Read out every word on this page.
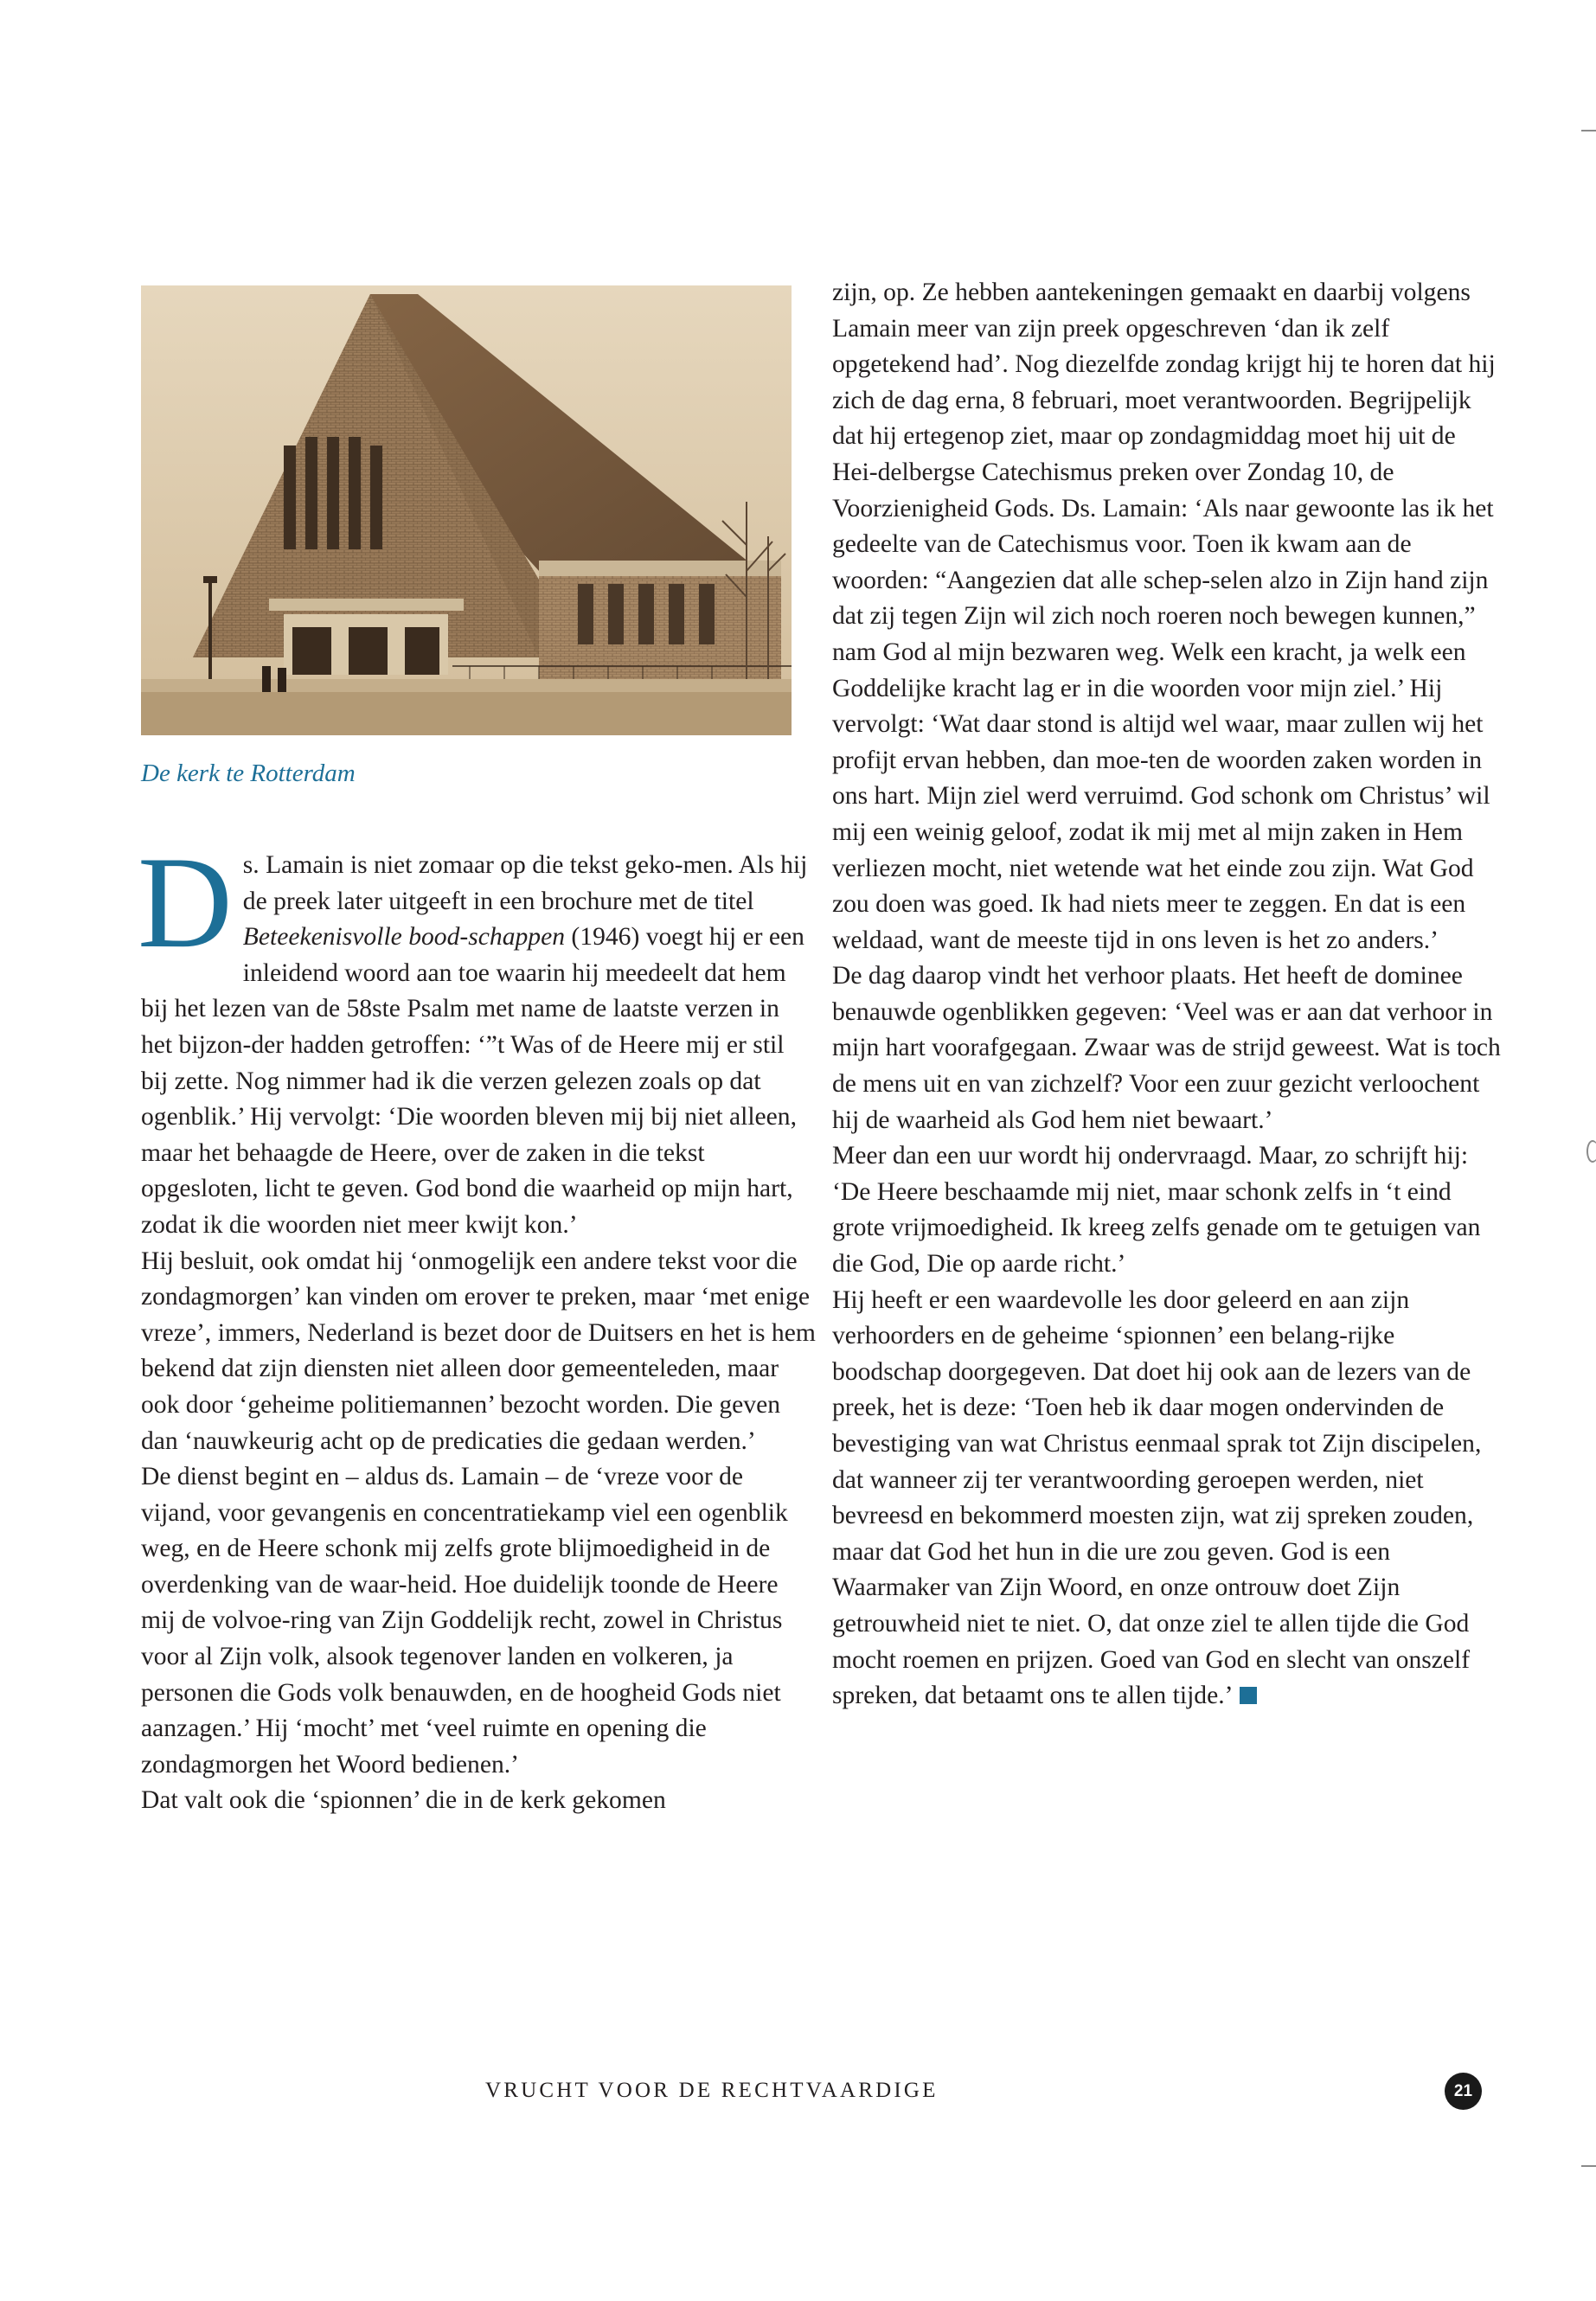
De kerk te Rotterdam

Ds. Lamain is niet zomaar op die tekst geko-men. Als hij de preek later uitgeeft in een brochure met de titel Beteekenisvolle bood-schappen (1946) voegt hij er een inleidend woord aan toe waarin hij meedeelt dat hem bij het lezen van de 58ste Psalm met name de laatste verzen in het bijzon-der hadden getroffen: ‘”t Was of de Heere mij er stil bij zette. Nog nimmer had ik die verzen gelezen zoals op dat ogenblik.’ Hij vervolgt: ‘Die woorden bleven mij bij niet alleen, maar het behaagde de Heere, over de zaken in die tekst opgesloten, licht te geven. God bond die waarheid op mijn hart, zodat ik die woorden niet meer kwijt kon.’

Hij besluit, ook omdat hij ‘onmogelijk een andere tekst voor die zondagmorgen’ kan vinden om erover te preken, maar ‘met enige vreze’, immers, Nederland is bezet door de Duitsers en het is hem bekend dat zijn diensten niet alleen door gemeenteleden, maar ook door ‘geheime politiemannen’ bezocht worden. Die geven dan ‘nauwkeurig acht op de predicaties die gedaan werden.’

De dienst begint en – aldus ds. Lamain – de ‘vreze voor de vijand, voor gevangenis en concentratiekamp viel een ogenblik weg, en de Heere schonk mij zelfs grote blijmoedigheid in de overdenking van de waar-heid. Hoe duidelijk toonde de Heere mij de volvoe-ring van Zijn Goddelijk recht, zowel in Christus voor al Zijn volk, alsook tegenover landen en volkeren, ja personen die Gods volk benauwden, en de hoogheid Gods niet aanzagen.’ Hij ‘mocht’ met ‘veel ruimte en opening die zondagmorgen het Woord bedienen.’

Dat valt ook die ‘spionnen’ die in de kerk gekomen

zijn, op. Ze hebben aantekeningen gemaakt en daarbij volgens Lamain meer van zijn preek opgeschreven ‘dan ik zelf opgetekend had’. Nog diezelfde zondag krijgt hij te horen dat hij zich de dag erna, 8 februari, moet verantwoorden. Begrijpelijk dat hij ertegenop ziet, maar op zondagmiddag moet hij uit de Hei-delbergse Catechismus preken over Zondag 10, de Voorzienigheid Gods. Ds. Lamain: ‘Als naar gewoonte las ik het gedeelte van de Catechismus voor. Toen ik kwam aan de woorden: “Aangezien dat alle schep-selen alzo in Zijn hand zijn dat zij tegen Zijn wil zich noch roeren noch bewegen kunnen,” nam God al mijn bezwaren weg. Welk een kracht, ja welk een Goddelijke kracht lag er in die woorden voor mijn ziel.’ Hij vervolgt: ‘Wat daar stond is altijd wel waar, maar zullen wij het profijt ervan hebben, dan moe-ten de woorden zaken worden in ons hart. Mijn ziel werd verruimd. God schonk om Christus’ wil mij een weinig geloof, zodat ik mij met al mijn zaken in Hem verliezen mocht, niet wetende wat het einde zou zijn. Wat God zou doen was goed. Ik had niets meer te zeggen. En dat is een weldaad, want de meeste tijd in ons leven is het zo anders.’

De dag daarop vindt het verhoor plaats. Het heeft de dominee benauwde ogenblikken gegeven: ‘Veel was er aan dat verhoor in mijn hart voorafgegaan. Zwaar was de strijd geweest. Wat is toch de mens uit en van zichzelf? Voor een zuur gezicht verloochent hij de waarheid als God hem niet bewaart.’

Meer dan een uur wordt hij ondervraagd. Maar, zo schrijft hij: ‘De Heere beschaamde mij niet, maar schonk zelfs in ‘t eind grote vrijmoedigheid. Ik kreeg zelfs genade om te getuigen van die God, Die op aarde richt.’

Hij heeft er een waardevolle les door geleerd en aan zijn verhoorders en de geheime ‘spionnen’ een belang-rijke boodschap doorgegeven. Dat doet hij ook aan de lezers van de preek, het is deze: ‘Toen heb ik daar mogen ondervinden de bevestiging van wat Christus eenmaal sprak tot Zijn discipelen, dat wanneer zij ter verantwoording geroepen werden, niet bevreesd en bekommerd moesten zijn, wat zij spreken zouden, maar dat God het hun in die ure zou geven. God is een Waarmaker van Zijn Woord, en onze ontrouw doet Zijn getrouwheid niet te niet. O, dat onze ziel te allen tijde die God mocht roemen en prijzen. Goed van God en slecht van onszelf spreken, dat betaamt ons te allen tijde.’

VRUCHT VOOR DE RECHTVAARDIGE	21
